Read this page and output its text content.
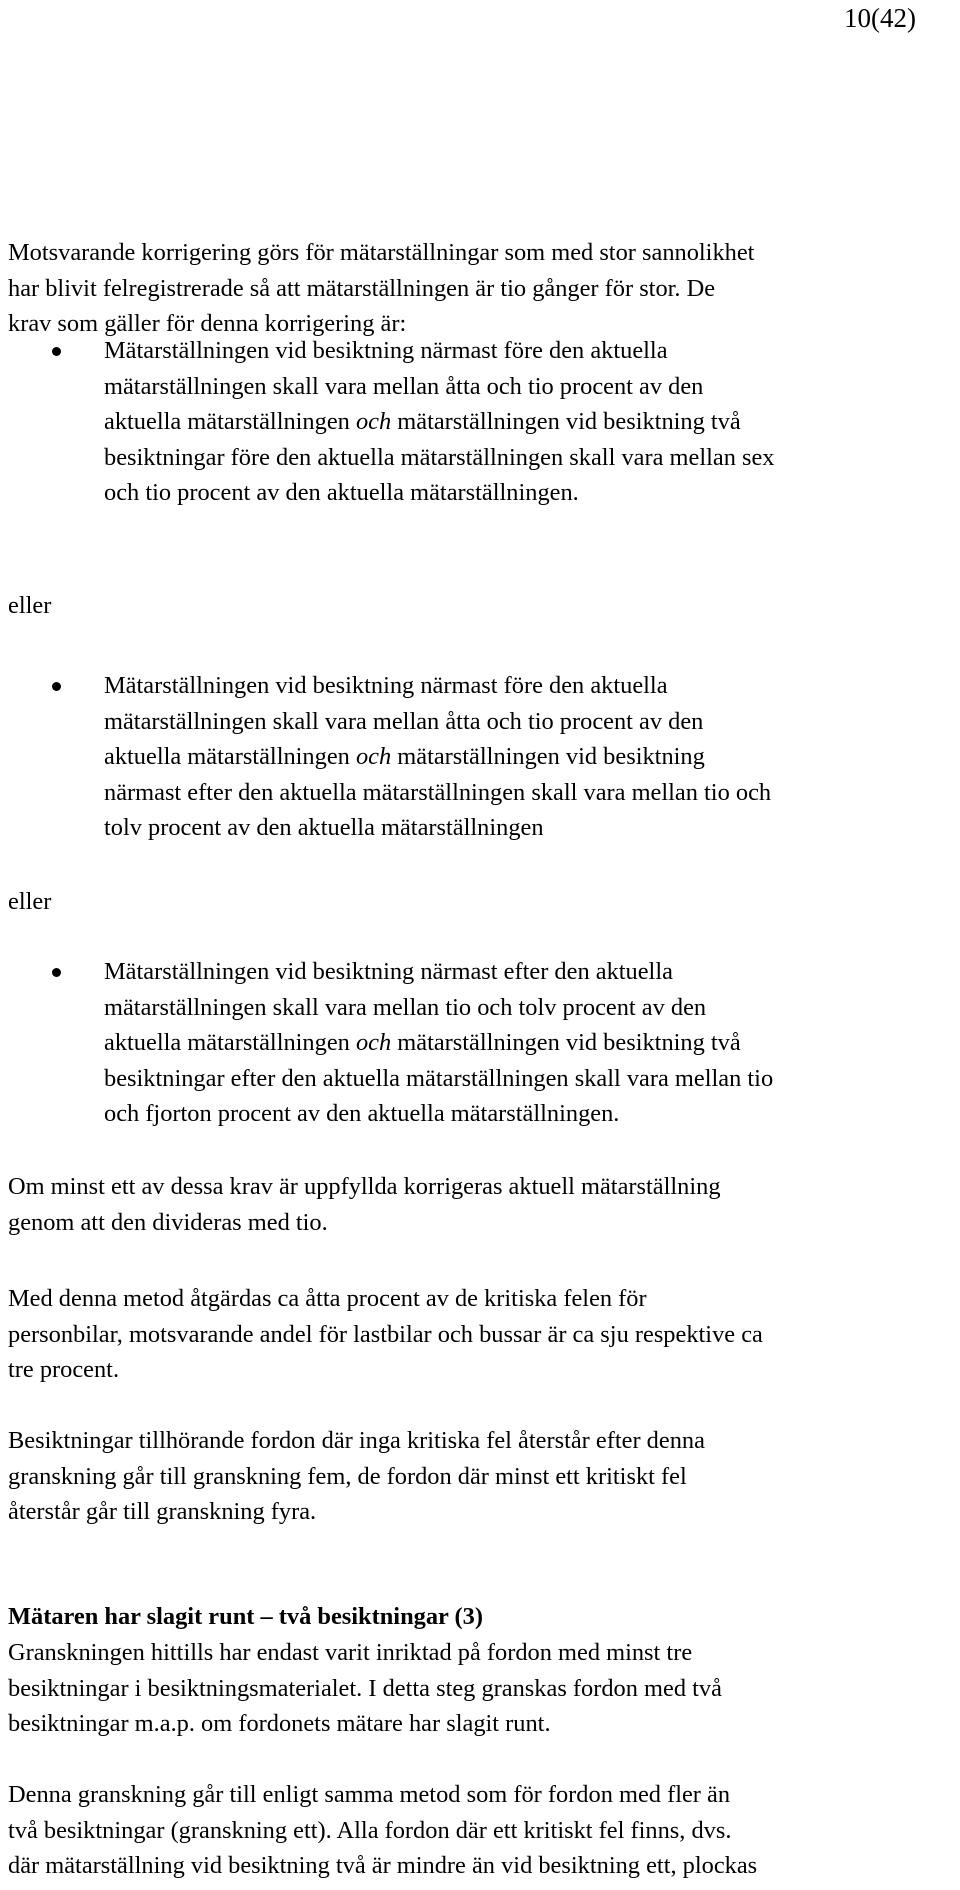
10(42)
Motsvarande korrigering görs för mätarställningar som med stor sannolikhet
har blivit felregistrerade så att mätarställningen är tio gånger för stor. De
krav som gäller för denna korrigering är:
Mätarställningen vid besiktning närmast före den aktuella
mätarställningen skall vara mellan åtta och tio procent av den
aktuella mätarställningen och mätarställningen vid besiktning två
besiktningar före den aktuella mätarställningen skall vara mellan sex
och tio procent av den aktuella mätarställningen.
eller
Mätarställningen vid besiktning närmast före den aktuella
mätarställningen skall vara mellan åtta och tio procent av den
aktuella mätarställningen och mätarställningen vid besiktning
närmast efter den aktuella mätarställningen skall vara mellan tio och
tolv procent av den aktuella mätarställningen
eller
Mätarställningen vid besiktning närmast efter den aktuella
mätarställningen skall vara mellan tio och tolv procent av den
aktuella mätarställningen och mätarställningen vid besiktning två
besiktningar efter den aktuella mätarställningen skall vara mellan tio
och fjorton procent av den aktuella mätarställningen.
Om minst ett av dessa krav är uppfyllda korrigeras aktuell mätarställning
genom att den divideras med tio.
Med denna metod åtgärdas ca åtta procent av de kritiska felen för
personbilar, motsvarande andel för lastbilar och bussar är ca sju respektive ca
tre procent.
Besiktningar tillhörande fordon där inga kritiska fel återstår efter denna
granskning går till granskning fem, de fordon där minst ett kritiskt fel
återstår går till granskning fyra.
Mätaren har slagit runt – två besiktningar (3)
Granskningen hittills har endast varit inriktad på fordon med minst tre
besiktningar i besiktningsmaterialet. I detta steg granskas fordon med två
besiktningar m.a.p. om fordonets mätare har slagit runt.
Denna granskning går till enligt samma metod som för fordon med fler än
två besiktningar (granskning ett). Alla fordon där ett kritiskt fel finns, dvs.
där mätarställning vid besiktning två är mindre än vid besiktning ett, plockas
